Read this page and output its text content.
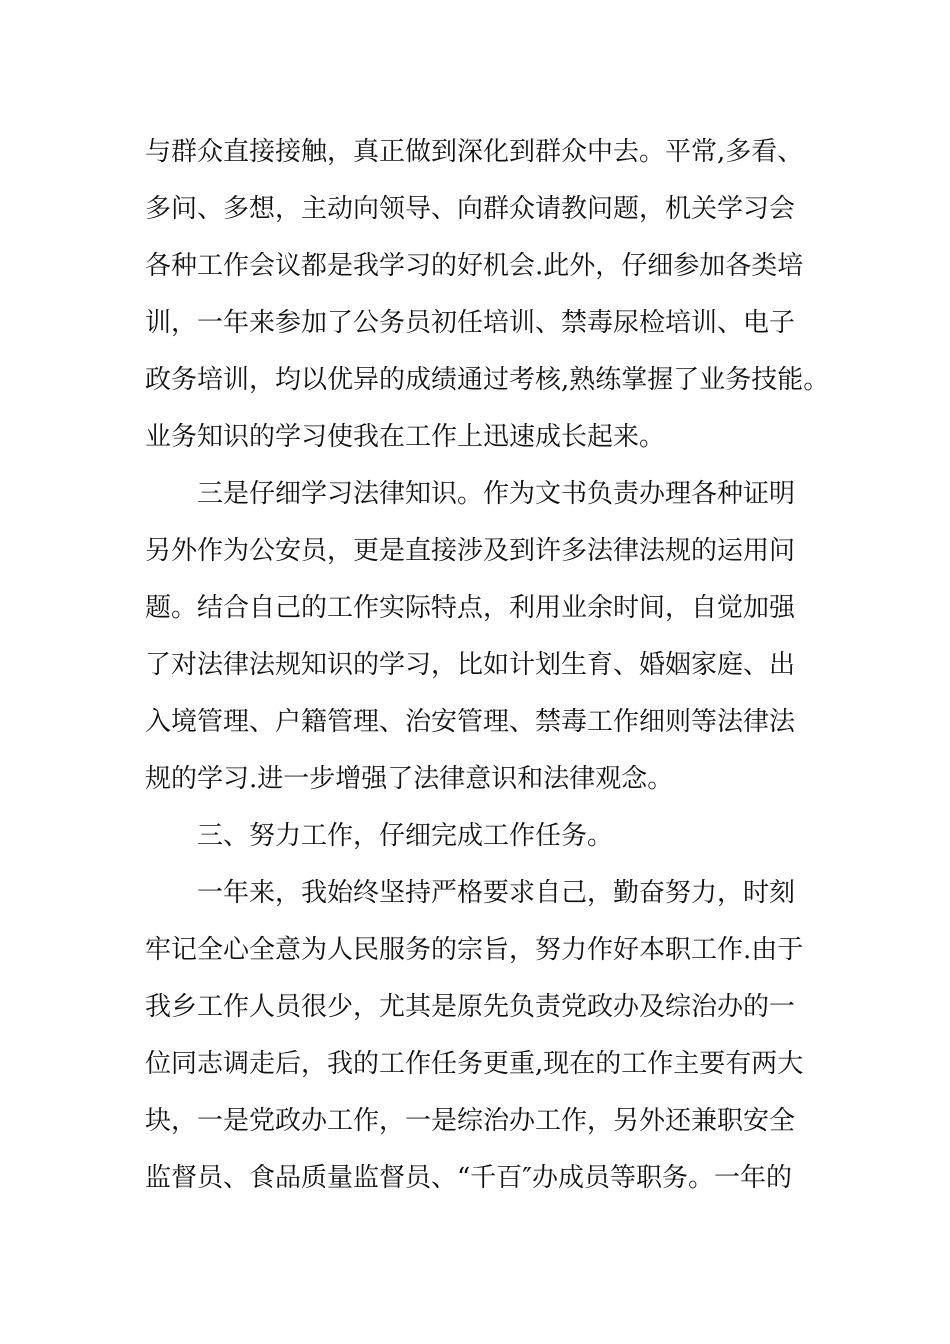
与群众直接接触，真正做到深化到群众中去。平常,多看、

多问、多想，主动向领导、向群众请教问题，机关学习会

各种工作会议都是我学习的好机会.此外，仔细参加各类培

训，一年来参加了公务员初任培训、禁毒尿检培训、电子

政务培训，均以优异的成绩通过考核,熟练掌握了业务技能。

业务知识的学习使我在工作上迅速成长起来。

三是仔细学习法律知识。作为文书负责办理各种证明

另外作为公安员，更是直接涉及到许多法律法规的运用问

题。结合自己的工作实际特点，利用业余时间，自觉加强

了对法律法规知识的学习，比如计划生育、婚姻家庭、出

入境管理、户籍管理、治安管理、禁毒工作细则等法律法

规的学习.进一步增强了法律意识和法律观念。

三、努力工作，仔细完成工作任务。

一年来，我始终坚持严格要求自己，勤奋努力，时刻

牢记全心全意为人民服务的宗旨，努力作好本职工作.由于

我乡工作人员很少，尤其是原先负责党政办及综治办的一

位同志调走后，我的工作任务更重,现在的工作主要有两大

块，一是党政办工作，一是综治办工作，另外还兼职安全

监督员、食品质量监督员、“千百″办成员等职务。一年的
